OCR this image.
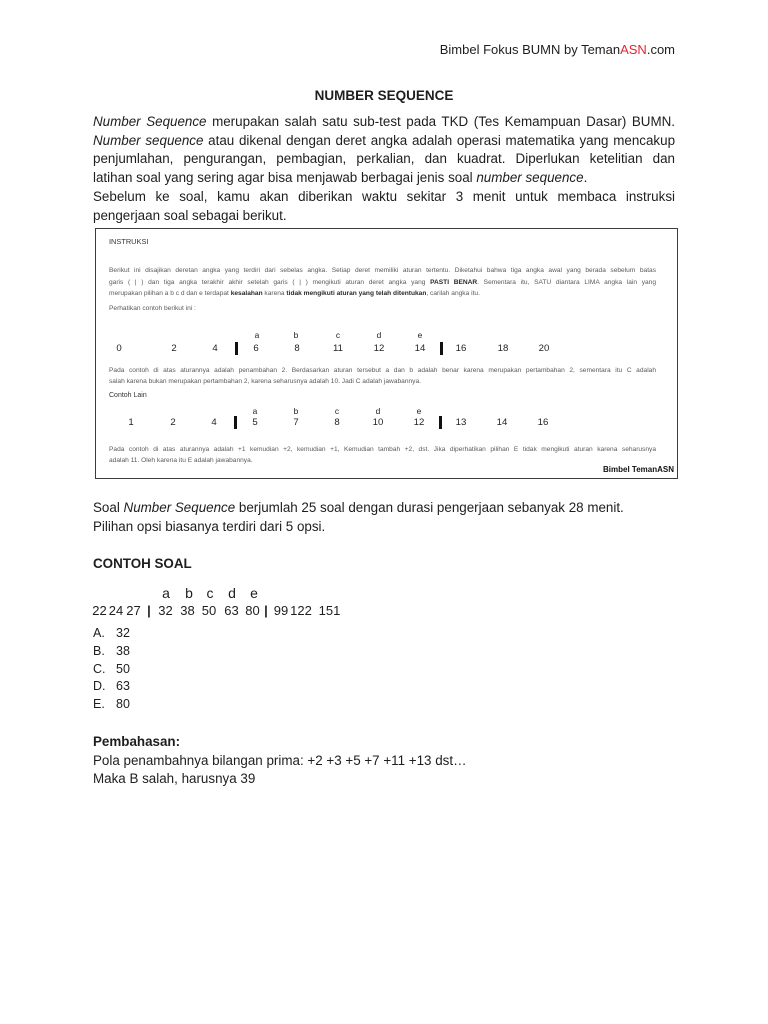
Bimbel Fokus BUMN by TemanASN.com
NUMBER SEQUENCE
Number Sequence merupakan salah satu sub-test pada TKD (Tes Kemampuan Dasar) BUMN.
Number sequence atau dikenal dengan deret angka adalah operasi matematika yang mencakup
penjumlahan, pengurangan, pembagian, perkalian, dan kuadrat. Diperlukan ketelitian dan
latihan soal yang sering agar bisa menjawab berbagai jenis soal number sequence.
Sebelum ke soal, kamu akan diberikan waktu sekitar 3 menit untuk membaca instruksi
pengerjaan soal sebagai berikut.
INSTRUKSI
Berikut ini disajikan deretan angka yang terdiri dari sebelas angka. Setiap deret memiliki aturan tertentu. Diketahui bahwa tiga angka awal yang berada sebelum batas
garis ( | ) dan tiga angka terakhir akhir setelah garis ( | ) mengikuti aturan deret angka yang PASTI BENAR. Sementara itu, SATU diantara LIMA angka lain yang
merupakan pilihan a b c d dan e terdapat kesalahan karena tidak mengikuti aturan yang telah ditentukan, carilah angka itu.
Perhatikan contoh berikut ini :
a	b	c	d	e
0	2	4	6	8	11	12	14	16	18	20
Pada contoh di atas aturannya adalah penambahan 2. Berdasarkan aturan tersebut a dan b adalah benar karena merupakan pertambahan 2, sementara itu C adalah
salah karena bukan merupakan pertambahan 2, karena seharusnya adalah 10. Jadi C adalah jawabannya.
Contoh Lain
a	b	c	d	e
1	2	4	5	7	8	10	12	13	14	16
Pada contoh di atas aturannya adalah +1 kemudian +2, kemudian +1, Kemudian tambah +2, dst. Jika diperhatikan pilihan E tidak mengikuti aturan karena seharusnya
adalah 11. Oleh karena itu E adalah jawabannya.
Bimbel TemanASN
Soal Number Sequence berjumlah 25 soal dengan durasi pengerjaan sebanyak 28 menit.
Pilihan opsi biasanya terdiri dari 5 opsi.
CONTOH SOAL
a b c d e
22 24 27 | 32 38 50 63 80 | 99 122 151
A. 32
B. 38
C. 50
D. 63
E. 80
Pembahasan:
Pola penambahnya bilangan prima: +2 +3 +5 +7 +11 +13 dst…
Maka B salah, harusnya 39
